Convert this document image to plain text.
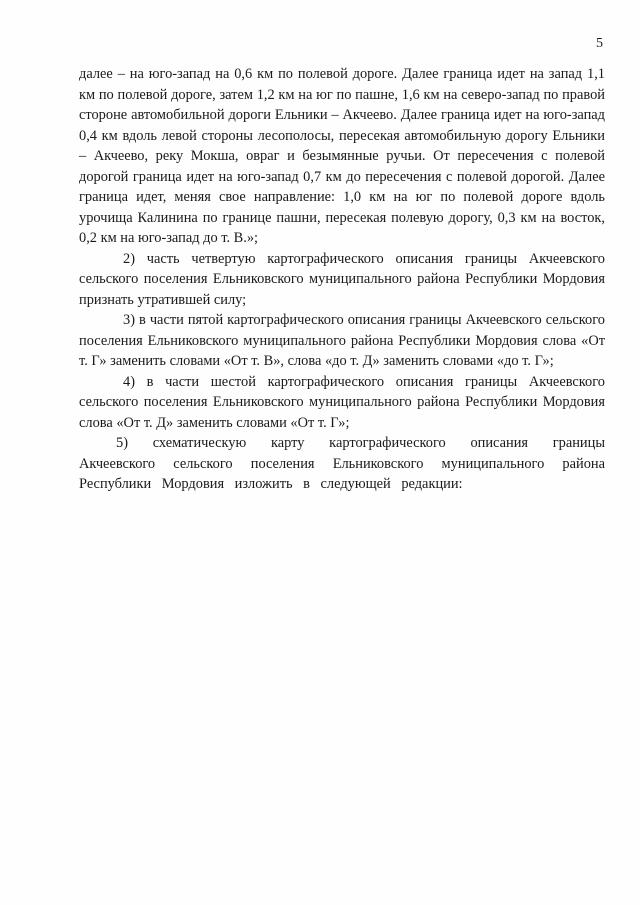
5

далее – на юго-запад на 0,6 км по полевой дороге. Далее граница идет на запад 1,1 км по полевой дороге, затем 1,2 км на юг по пашне, 1,6 км на северо-запад по правой стороне автомобильной дороги Ельники – Акчеево. Далее граница идет на юго-запад 0,4 км вдоль левой стороны лесополосы, пересекая автомобильную дорогу Ельники – Акчеево, реку Мокша, овраг и безымянные ручьи. От пересечения с полевой дорогой граница идет на юго-запад 0,7 км до пересечения с полевой дорогой. Далее граница идет, меняя свое направление: 1,0 км на юг по полевой дороге вдоль урочища Калинина по границе пашни, пересекая полевую дорогу, 0,3 км на восток, 0,2 км на юго-запад до т. В.»;

2) часть четвертую картографического описания границы Акчеевского сельского поселения Ельниковского муниципального района Республики Мордовия признать утратившей силу;

3) в части пятой картографического описания границы Акчеевского сельского поселения Ельниковского муниципального района Республики Мордовия слова «От т. Г» заменить словами «От т. В», слова «до т. Д» заменить словами «до т. Г»;

4) в части шестой картографического описания границы Акчеевского сельского поселения Ельниковского муниципального района Республики Мордовия слова «От т. Д» заменить словами «От т. Г»;

5) схематическую карту картографического описания границы Акчеевского сельского поселения Ельниковского муниципального района Республики Мордовия изложить в следующей редакции:
